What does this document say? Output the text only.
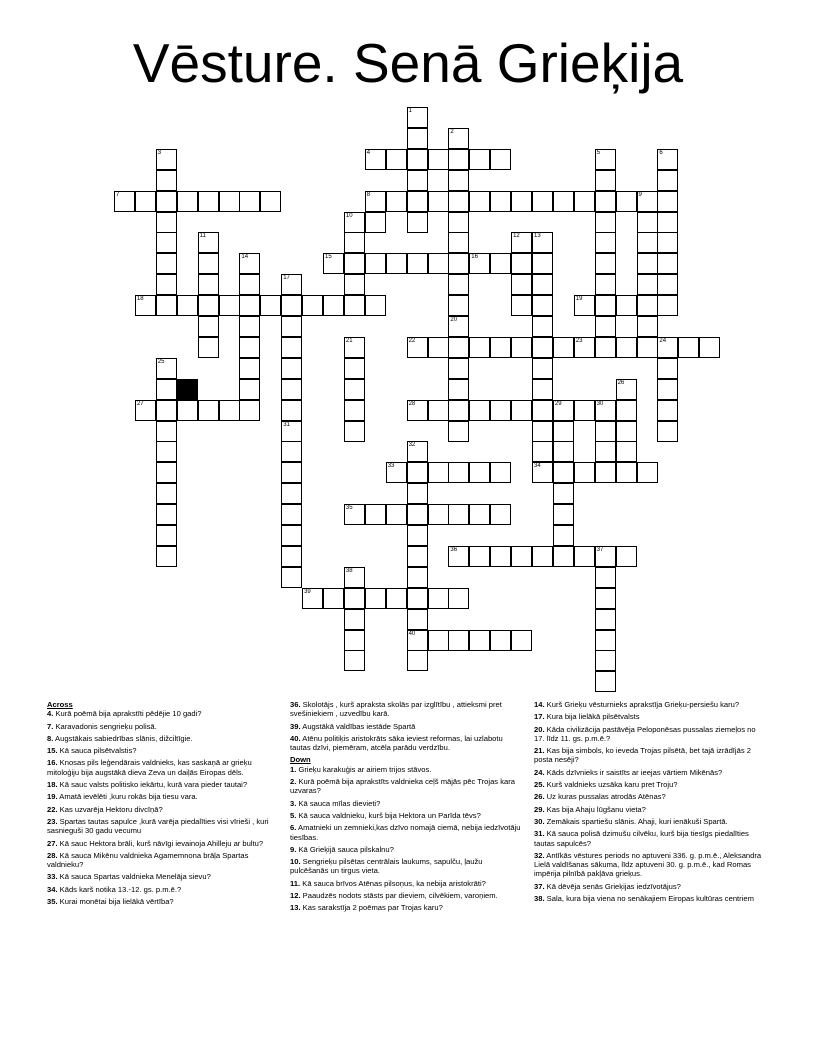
Vēsture. Senā Grieķija
4
7	8	9
10
15	16
18	19
22	23	24
27	28	29
33	34
35
36	37
39
40
1
2
20
3	5	6
11	12 13
14
17
21
25
26
30
31
32
38
Across
4. Kurā poēmā bija aprakstīti pēdējie 10 gadi?
7. Karavadonis sengrieķu polisā.
8. Augstākais sabiedrības slānis, dižciltīgie.
15. Kā sauca pilsētvalstis?
16. Knosas pils leģendārais valdnieks, kas saskaņā ar grieķu mitoloģiju bija augstākā dieva Zeva un daiļās Eiropas dēls.
18. Kā sauc valsts politisko iekārtu, kurā vara pieder tautai?
19. Amatā ievēlēti ,kuru rokās bija tiesu vara.
22. Kas uzvarēja Hektoru divcīņā?
23. Spartas tautas sapulce ,kurā varēja piedalīties visi vīrieši , kuri sasnieguši 30 gadu vecumu
27. Kā sauc Hektora brāli, kurš nāvīgi ievainoja Ahilleju ar bultu?
28. Kā sauca Mikēnu valdnieka Agamemnona brāļa Spartas valdnieku?
33. Kā sauca Spartas valdnieka Menelāja sievu?
34. Kāds karš notika 13.-12. gs. p.m.ē.?
35. Kurai monētai bija lielākā vērtība?
36. Skolotājs , kurš apraksta skolās par izglītību , attieksmi pret svešiniekiem , uzvedību karā.
39. Augstākā valdības iestāde Spartā
40. Atēnu politiķis aristokrāts sāka ieviest reformas, lai uzlabotu tautas dzīvi, piemēram, atcēla parādu verdzību.
Down
1. Grieķu karakuģis ar airiem trijos stāvos.
2. Kurā poēmā bija aprakstīts valdnieka ceļš mājās pēc Trojas kara uzvaras?
3. Kā sauca mīlas dievieti?
5. Kā sauca valdnieku, kurš bija Hektora un Parīda tēvs?
6. Amatnieki un zemnieki,kas dzīvo nomajā ciemā, nebija iedzīvotāju tiesības.
9. Kā Grieķijā sauca pilskalnu?
10. Sengrieķu pilsētas centrālais laukums, sapulču, ļaužu pulcēšanās un tirgus vieta.
11. Kā sauca brīvos Atēnas pilsoņus, ka nebija aristokrāti?
12. Paaudzēs nodots stāsts par dieviem, cilvēkiem, varoņiem.
13. Kas sarakstīja 2 poēmas par Trojas karu?
14. Kurš Grieķu vēsturnieks aprakstīja Grieķu-persiešu karu?
17. Kura bija lielākā pilsētvalsts
20. Kāda civilizācija pastāvēja Peloponēsas pussalas ziemeļos no 17. līdz 11. gs. p.m.ē.?
21. Kas bija simbols, ko ieveda Trojas pilsētā, bet tajā izrādījās 2 posta nesēji?
24. Kāds dzīvnieks ir saistīts ar ieejas vārtiem Mikēnās?
25. Kurš valdnieks uzsāka karu pret Troju?
26. Uz kuras pussalas atrodās Atēnas?
29. Kas bija Ahaju lūgšanu vieta?
30. Zemākais spartiešu slānis. Ahaji, kuri ienākuši Spartā.
31. Kā sauca polisā dzimušu cilvēku, kurš bija tiesīgs piedalīties tautas sapulcēs?
32. Antīkās vēstures periods no aptuveni 336. g. p.m.ē., Aleksandra Lielā valdīšanas sākuma, līdz aptuveni 30. g. p.m.ē., kad Romas impērija pilnībā pakļāva grieķus.
37. Kā dēvēja senās Grieķijas iedzīvotājus?
38. Sala, kura bija viena no senākajiem Eiropas kultūras centriem
